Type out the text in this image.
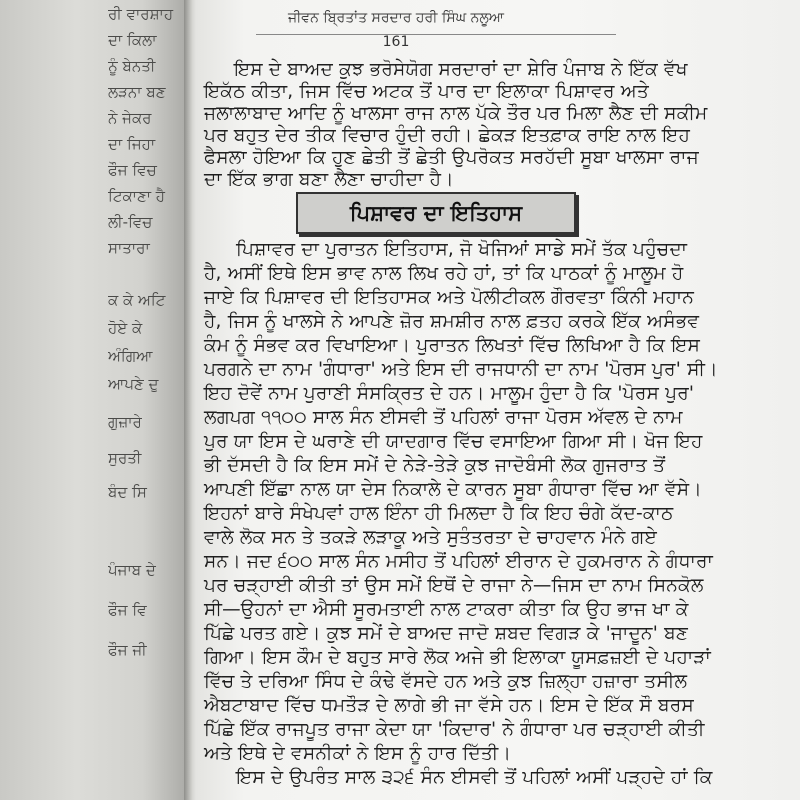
ਰੀ ਵਾਰਸ਼ਾਹ
ਦਾ ਕਿਲਾ
ਨੂੰ ਬੇਨਤੀ
ਲੜਨਾ ਬਣ
ਨੇ ਜੇਕਰ
ਦਾ ਜਿਹਾ
ਫੌਜ ਵਿਚ
ਟਿਕਾਣਾ ਹੈ
ਲੀ-ਵਿਚ
ਸਾਤਾਰਾ
ਕ ਕੇ ਅਟਿ
ਹੋਏ ਕੇ
ਅੰਗਿਆ
ਆਪਣੇ ਦੁ
ਗੁਜ਼ਾਰੇ
ਸੁਰਤੀ
ਬੰਦ ਸਿ
ਪੰਜਾਬ ਦੇ
ਫੌਜ ਵਿ
ਫੌਜ ਜੀ
ਜੀਵਨ ਬ੍ਰਿਤਾਂਤ ਸਰਦਾਰ ਹਰੀ ਸਿੰਘ ਨਲੂਆ
161
ਇਸ ਦੇ ਬਾਅਦ ਕੁਝ ਭਰੋਸੇਯੋਗ ਸਰਦਾਰਾਂ ਦਾ ਸ਼ੇਰਿ ਪੰਜਾਬ ਨੇ ਇੱਕ ਵੱਖ
ਇਕੱਠ ਕੀਤਾ, ਜਿਸ ਵਿੱਚ ਅਟਕ ਤੋਂ ਪਾਰ ਦਾ ਇਲਾਕਾ ਪਿਸ਼ਾਵਰ ਅਤੇ
ਜਲਾਲਾਬਾਦ ਆਦਿ ਨੂੰ ਖਾਲਸਾ ਰਾਜ ਨਾਲ ਪੱਕੇ ਤੌਰ ਪਰ ਮਿਲਾ ਲੈਣ ਦੀ ਸਕੀਮ
ਪਰ ਬਹੁਤ ਦੇਰ ਤੀਕ ਵਿਚਾਰ ਹੁੰਦੀ ਰਹੀ। ਛੇਕੜ ਇਤਫ਼ਾਕ ਰਾਇ ਨਾਲ ਇਹ
ਫੈਸਲਾ ਹੋਇਆ ਕਿ ਹੁਣ ਛੇਤੀ ਤੋਂ ਛੇਤੀ ਉਪਰੋਕਤ ਸਰਹੱਦੀ ਸੂਬਾ ਖਾਲਸਾ ਰਾਜ
ਪਿਸ਼ਾਵਰ ਦਾ ਇਤਿਹਾਸ
ਪਿਸ਼ਾਵਰ ਦਾ ਪੁਰਾਤਨ ਇਤਿਹਾਸ, ਜੋ ਖੋਜਿਆਂ ਸਾਡੇ ਸਮੇਂ ਤੱਕ ਪਹੁੰਚਦਾ
ਹੈ, ਅਸੀਂ ਇਥੇ ਇਸ ਭਾਵ ਨਾਲ ਲਿਖ ਰਹੇ ਹਾਂ, ਤਾਂ ਕਿ ਪਾਠਕਾਂ ਨੂੰ ਮਾਲੂਮ ਹੋ
ਜਾਏ ਕਿ ਪਿਸ਼ਾਵਰ ਦੀ ਇਤਿਹਾਸਕ ਅਤੇ ਪੋਲੀਟੀਕਲ ਗੌਰਵਤਾ ਕਿੰਨੀ ਮਹਾਨ
ਹੈ, ਜਿਸ ਨੂੰ ਖਾਲਸੇ ਨੇ ਆਪਣੇ ਜ਼ੋਰ ਸ਼ਮਸ਼ੀਰ ਨਾਲ ਫ਼ਤਹ ਕਰਕੇ ਇੱਕ ਅਸੰਭਵ
ਕੰਮ ਨੂੰ ਸੰਭਵ ਕਰ ਵਿਖਾਇਆ। ਪੁਰਾਤਨ ਲਿਖਤਾਂ ਵਿੱਚ ਲਿਖਿਆ ਹੈ ਕਿ ਇਸ
ਪਰਗਨੇ ਦਾ ਨਾਮ 'ਗੰਧਾਰਾ' ਅਤੇ ਇਸ ਦੀ ਰਾਜਧਾਨੀ ਦਾ ਨਾਮ 'ਪੋਰਸ ਪੁਰ' ਸੀ।
ਇਹ ਦੋਵੇਂ ਨਾਮ ਪੁਰਾਣੀ ਸੰਸਕ੍ਰਿਤ ਦੇ ਹਨ। ਮਾਲੂਮ ਹੁੰਦਾ ਹੈ ਕਿ 'ਪੋਰਸ ਪੁਰ'
ਲਗਪਗ ੧੧੦੦ ਸਾਲ ਸੰਨ ਈਸਵੀ ਤੋਂ ਪਹਿਲਾਂ ਰਾਜਾ ਪੋਰਸ ਅੱਵਲ ਦੇ ਨਾਮ
ਪੁਰ ਯਾ ਇਸ ਦੇ ਘਰਾਣੇ ਦੀ ਯਾਦਗਾਰ ਵਿੱਚ ਵਸਾਇਆ ਗਿਆ ਸੀ। ਖੋਜ ਇਹ
ਭੀ ਦੱਸਦੀ ਹੈ ਕਿ ਇਸ ਸਮੇਂ ਦੇ ਨੇੜੇ-ਤੇੜੇ ਕੁਝ ਜਾਦੋਬੰਸੀ ਲੋਕ ਗੁਜਰਾਤ ਤੋਂ
ਆਪਣੀ ਇੱਛਾ ਨਾਲ ਯਾ ਦੇਸ ਨਿਕਾਲੇ ਦੇ ਕਾਰਨ ਸੂਬਾ ਗੰਧਾਰਾ ਵਿੱਚ ਆ ਵੱਸੇ।
ਇਹਨਾਂ ਬਾਰੇ ਸੰਖੇਪਵਾਂ ਹਾਲ ਇੰਨਾ ਹੀ ਮਿਲਦਾ ਹੈ ਕਿ ਇਹ ਚੰਗੇ ਕੱਦ-ਕਾਠ
ਵਾਲੇ ਲੋਕ ਸਨ ਤੇ ਤਕੜੇ ਲੜਾਕੂ ਅਤੇ ਸੁਤੰਤਰਤਾ ਦੇ ਚਾਹਵਾਨ ਮੰਨੇ ਗਏ
ਸਨ। ਜਦ ੬੦੦ ਸਾਲ ਸੰਨ ਮਸੀਹ ਤੋਂ ਪਹਿਲਾਂ ਈਰਾਨ ਦੇ ਹੁਕਮਰਾਨ ਨੇ ਗੰਧਾਰਾ
ਪਰ ਚੜ੍ਹਾਈ ਕੀਤੀ ਤਾਂ ਉਸ ਸਮੇਂ ਇਥੋਂ ਦੇ ਰਾਜਾ ਨੇ—ਜਿਸ ਦਾ ਨਾਮ ਸਿਨਕੋਲ
ਸੀ—ਉਹਨਾਂ ਦਾ ਐਸੀ ਸੂਰਮਤਾਈ ਨਾਲ ਟਾਕਰਾ ਕੀਤਾ ਕਿ ਉਹ ਭਾਜ ਖਾ ਕੇ
ਪਿੱਛੇ ਪਰਤ ਗਏ। ਕੁਝ ਸਮੇਂ ਦੇ ਬਾਅਦ ਜਾਦੋ ਸ਼ਬਦ ਵਿਗੜ ਕੇ 'ਜਾਦੂਨ' ਬਣ
ਗਿਆ। ਇਸ ਕੌਮ ਦੇ ਬਹੁਤ ਸਾਰੇ ਲੋਕ ਅਜੇ ਭੀ ਇਲਾਕਾ ਯੂਸਫ਼ਜ਼ਈ ਦੇ ਪਹਾੜਾਂ
ਵਿੱਚ ਤੇ ਦਰਿਆ ਸਿੰਧ ਦੇ ਕੰਢੇ ਵੱਸਦੇ ਹਨ ਅਤੇ ਕੁਝ ਜ਼ਿਲ੍ਹਾ ਹਜ਼ਾਰਾ ਤਸੀਲ
ਐਬਟਾਬਾਦ ਵਿੱਚ ਧਮਤੌੜ ਦੇ ਲਾਗੇ ਭੀ ਜਾ ਵੱਸੇ ਹਨ। ਇਸ ਦੇ ਇੱਕ ਸੌ ਬਰਸ
ਪਿੱਛੇ ਇੱਕ ਰਾਜਪੂਤ ਰਾਜਾ ਕੇਦਾ ਯਾ 'ਕਿਦਾਰ' ਨੇ ਗੰਧਾਰਾ ਪਰ ਚੜ੍ਹਾਈ ਕੀਤੀ
ਅਤੇ ਇਥੇ ਦੇ ਵਸਨੀਕਾਂ ਨੇ ਇਸ ਨੂੰ ਹਾਰ ਦਿੱਤੀ।
ਇਸ ਦੇ ਉਪਰੰਤ ਸਾਲ ੩੨੬ ਸੰਨ ਈਸਵੀ ਤੋਂ ਪਹਿਲਾਂ ਅਸੀਂ ਪੜ੍ਹਦੇ ਹਾਂ ਕਿ
ਦਾ ਇੱਕ ਭਾਗ ਬਣਾ ਲੈਣਾ ਚਾਹੀਦਾ ਹੈ।
